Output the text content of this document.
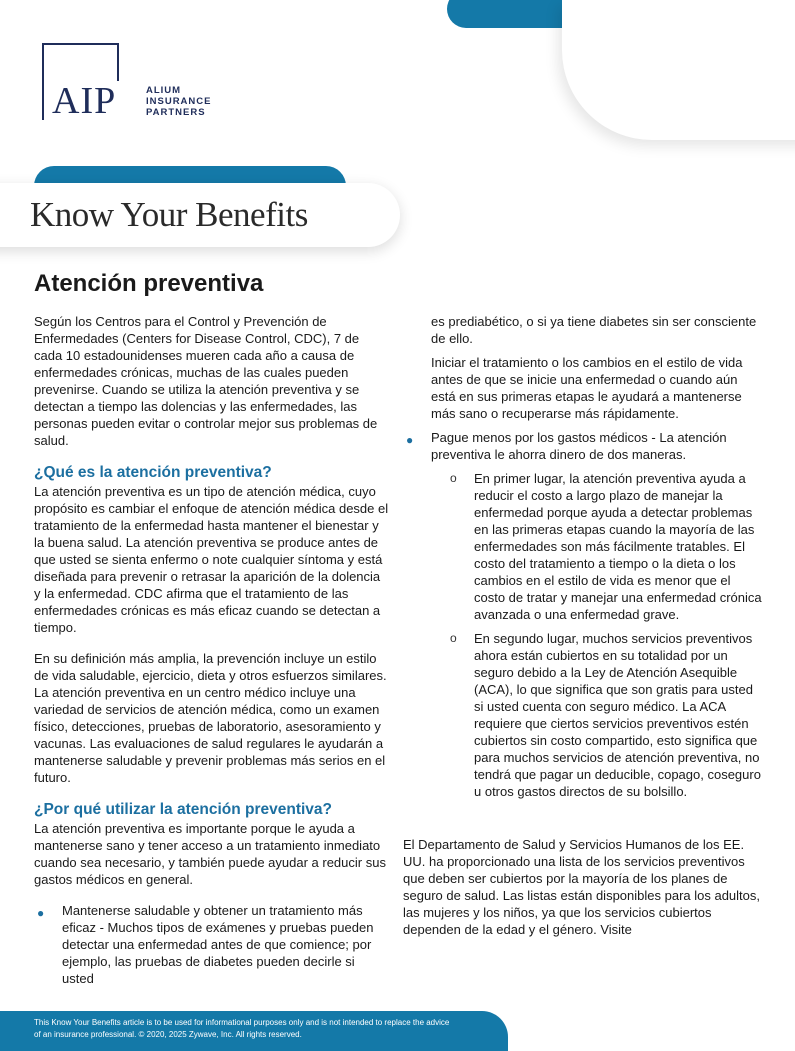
AIP	ALIUM
INSURANCE
PARTNERS
Know Your Benefits
Atención preventiva

Según los Centros para el Control y Prevención de Enfermedades (Centers for Disease Control, CDC), 7 de cada 10 estadounidenses mueren cada año a causa de enfermedades crónicas, muchas de las cuales pueden prevenirse. Cuando se utiliza la atención preventiva y se detectan a tiempo las dolencias y las enfermedades, las personas pueden evitar o controlar mejor sus problemas de salud.

¿Qué es la atención preventiva?

La atención preventiva es un tipo de atención médica, cuyo propósito es cambiar el enfoque de atención médica desde el tratamiento de la enfermedad hasta mantener el bienestar y la buena salud. La atención preventiva se produce antes de que usted se sienta enfermo o note cualquier síntoma y está diseñada para prevenir o retrasar la aparición de la dolencia y la enfermedad. CDC afirma que el tratamiento de las enfermedades crónicas es más eficaz cuando se detectan a tiempo.

En su definición más amplia, la prevención incluye un estilo de vida saludable, ejercicio, dieta y otros esfuerzos similares. La atención preventiva en un centro médico incluye una variedad de servicios de atención médica, como un examen físico, detecciones, pruebas de laboratorio, asesoramiento y vacunas. Las evaluaciones de salud regulares le ayudarán a mantenerse saludable y prevenir problemas más serios en el futuro.

¿Por qué utilizar la atención preventiva?

La atención preventiva es importante porque le ayuda a mantenerse sano y tener acceso a un tratamiento inmediato cuando sea necesario, y también puede ayudar a reducir sus gastos médicos en general.

● Mantenerse saludable y obtener un tratamiento más eficaz - Muchos tipos de exámenes y pruebas pueden detectar una enfermedad antes de que comience; por ejemplo, las pruebas de diabetes pueden decirle si usted

es prediabético, o si ya tiene diabetes sin ser consciente de ello.

Iniciar el tratamiento o los cambios en el estilo de vida antes de que se inicie una enfermedad o cuando aún está en sus primeras etapas le ayudará a mantenerse más sano o recuperarse más rápidamente.

● Pague menos por los gastos médicos - La atención preventiva le ahorra dinero de dos maneras.

o En primer lugar, la atención preventiva ayuda a reducir el costo a largo plazo de manejar la enfermedad porque ayuda a detectar problemas en las primeras etapas cuando la mayoría de las enfermedades son más fácilmente tratables. El costo del tratamiento a tiempo o la dieta o los cambios en el estilo de vida es menor que el costo de tratar y manejar una enfermedad crónica avanzada o una enfermedad grave.

o En segundo lugar, muchos servicios preventivos ahora están cubiertos en su totalidad por un seguro debido a la Ley de Atención Asequible (ACA), lo que significa que son gratis para usted si usted cuenta con seguro médico. La ACA requiere que ciertos servicios preventivos estén cubiertos sin costo compartido, esto significa que para muchos servicios de atención preventiva, no tendrá que pagar un deducible, copago, coseguro u otros gastos directos de su bolsillo.

El Departamento de Salud y Servicios Humanos de los EE. UU. ha proporcionado una lista de los servicios preventivos que deben ser cubiertos por la mayoría de los planes de seguro de salud. Las listas están disponibles para los adultos, las mujeres y los niños, ya que los servicios cubiertos dependen de la edad y el género. Visite

This Know Your Benefits article is to be used for informational purposes only and is not intended to replace the advice of an insurance professional. © 2020, 2025 Zywave, Inc. All rights reserved.
